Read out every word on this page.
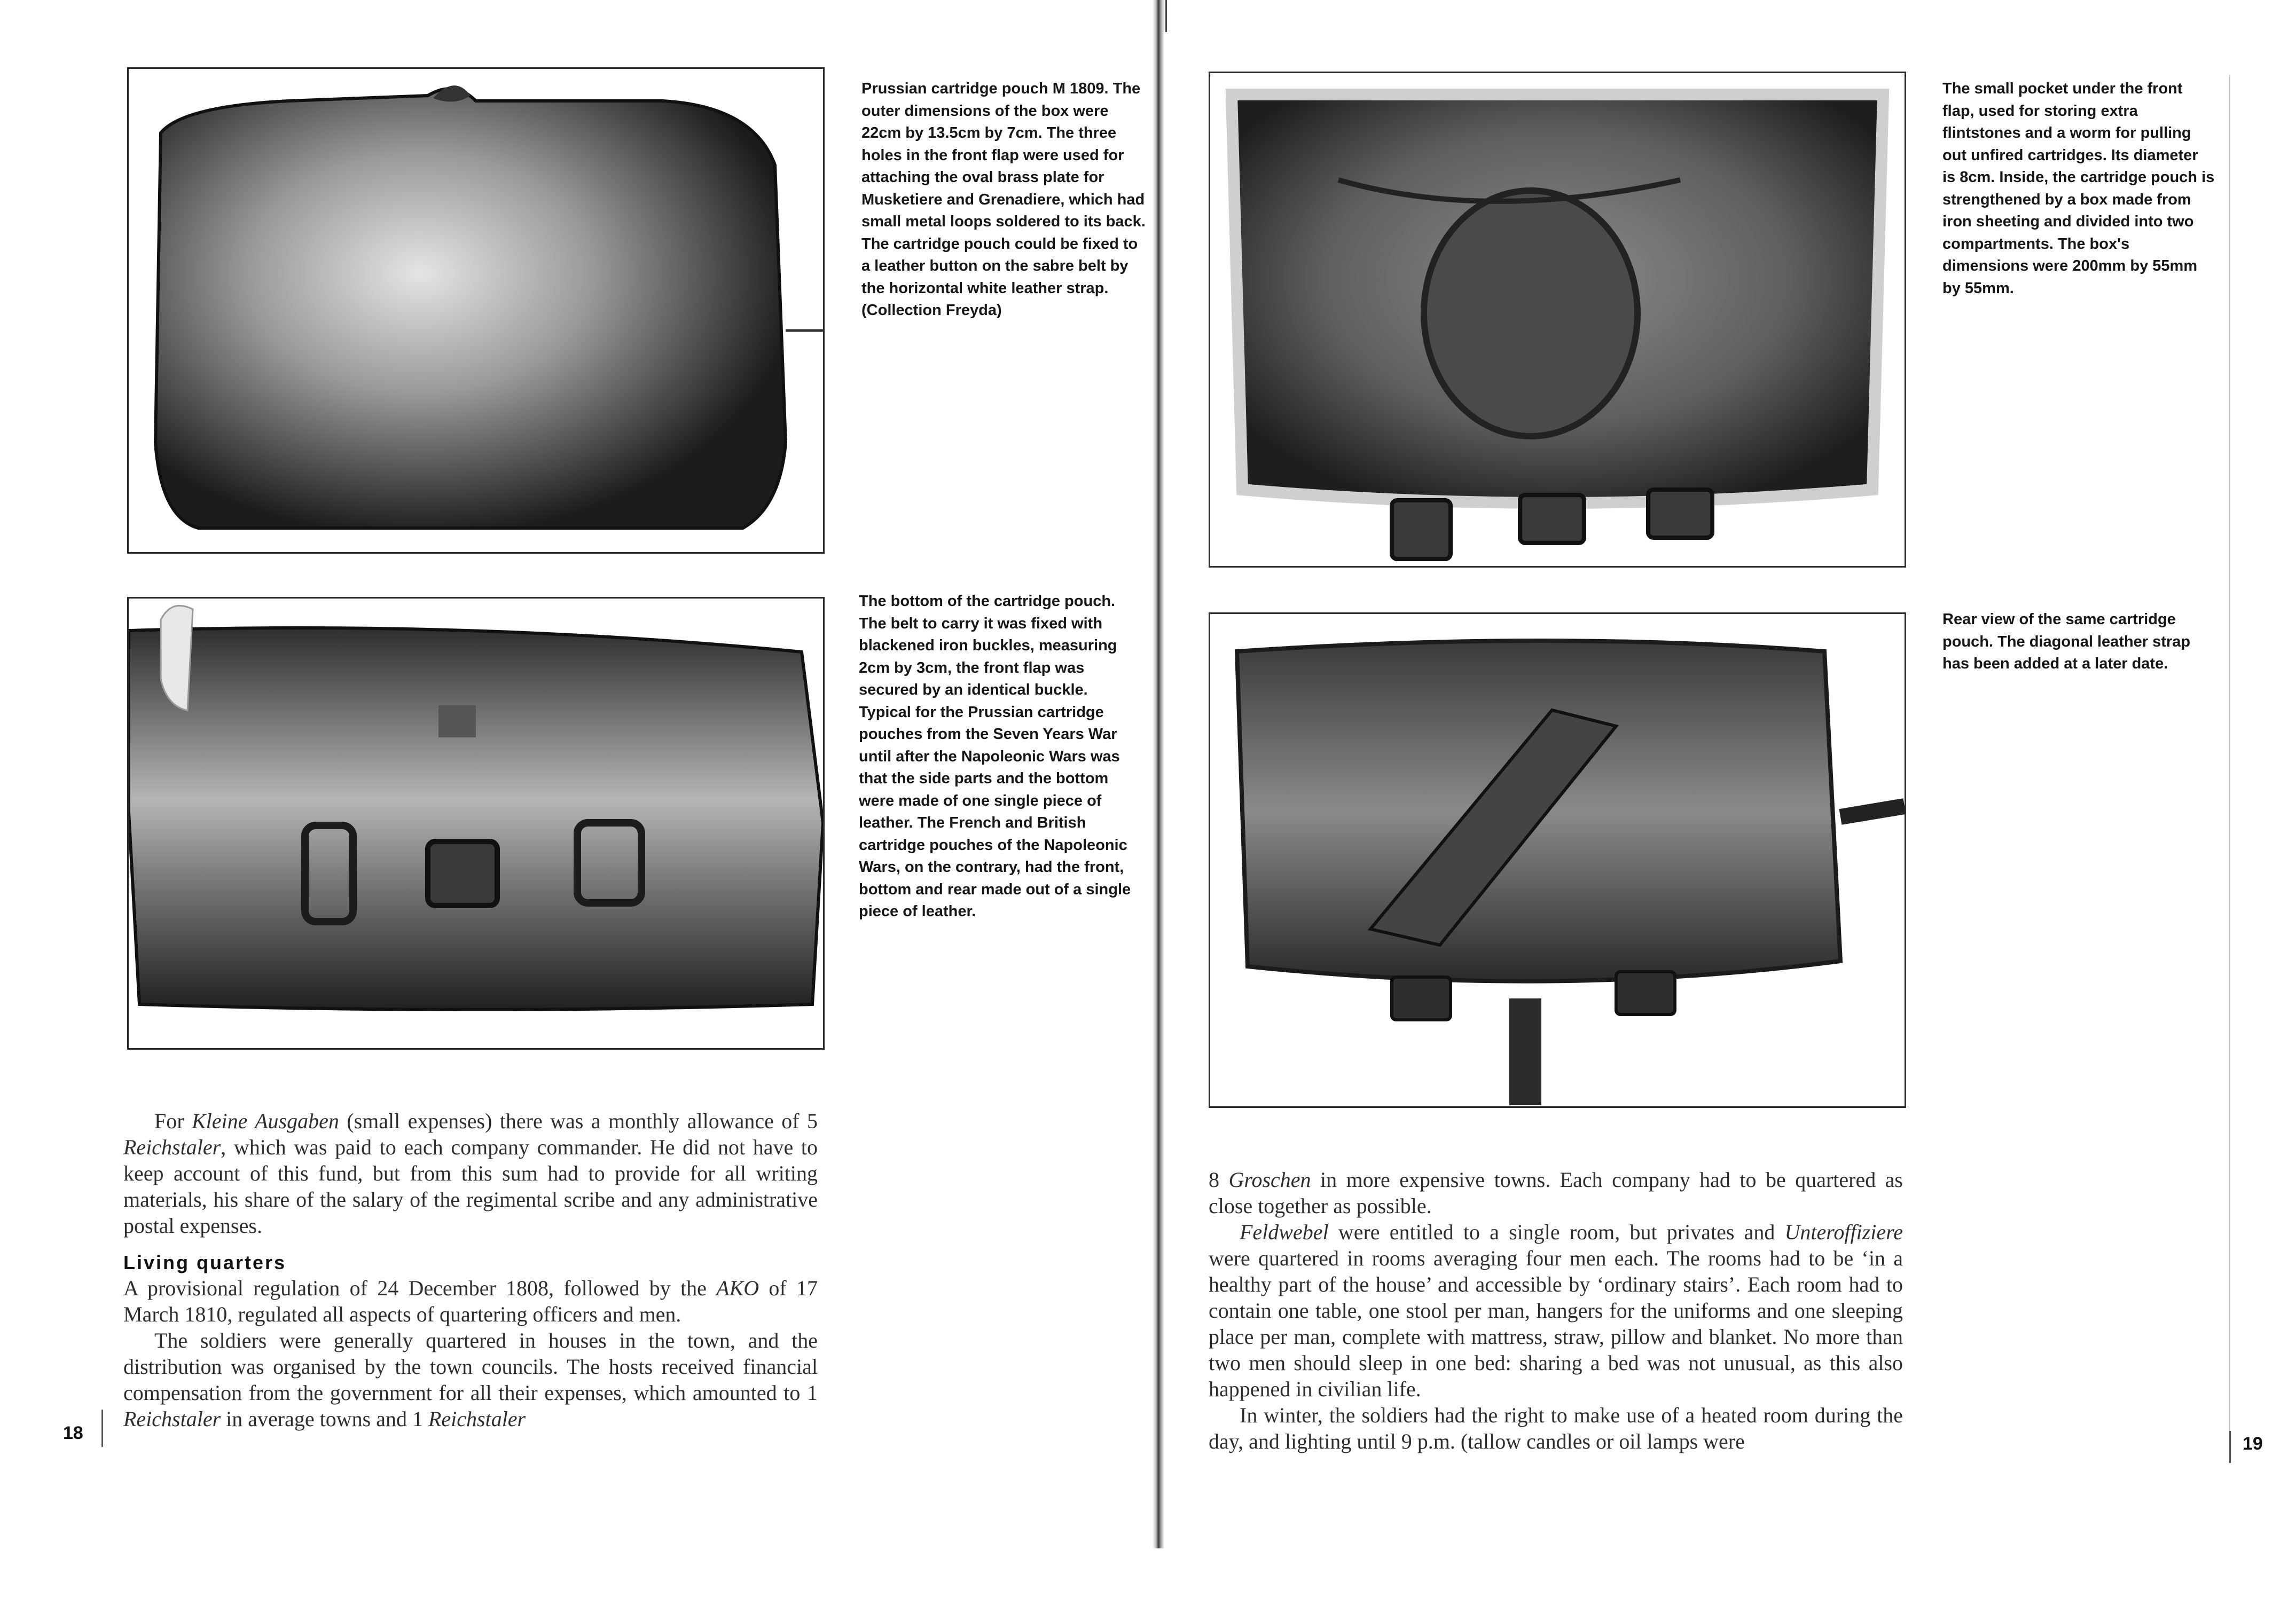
Prussian cartridge pouch M 1809. The outer dimensions of the box were 22cm by 13.5cm by 7cm. The three holes in the front flap were used for attaching the oval brass plate for Musketiere and Grenadiere, which had small metal loops soldered to its back. The cartridge pouch could be fixed to a leather button on the sabre belt by the horizontal white leather strap. (Collection Freyda)

The bottom of the cartridge pouch. The belt to carry it was fixed with blackened iron buckles, measuring 2cm by 3cm, the front flap was secured by an identical buckle. Typical for the Prussian cartridge pouches from the Seven Years War until after the Napoleonic Wars was that the side parts and the bottom were made of one single piece of leather. The French and British cartridge pouches of the Napoleonic Wars, on the contrary, had the front, bottom and rear made out of a single piece of leather.

For Kleine Ausgaben (small expenses) there was a monthly allowance of 5 Reichstaler, which was paid to each company commander. He did not have to keep account of this fund, but from this sum had to provide for all writing materials, his share of the salary of the regimental scribe and any administrative postal expenses.

Living quarters

A provisional regulation of 24 December 1808, followed by the AKO of 17 March 1810, regulated all aspects of quartering officers and men.

The soldiers were generally quartered in houses in the town, and the distribution was organised by the town councils. The hosts received financial compensation from the government for all their expenses, which amounted to 1 Reichstaler in average towns and 1 Reichstaler

18

The small pocket under the front flap, used for storing extra flintstones and a worm for pulling out unfired cartridges. Its diameter is 8cm. Inside, the cartridge pouch is strengthened by a box made from iron sheeting and divided into two compartments. The box's dimensions were 200mm by 55mm by 55mm.

Rear view of the same cartridge pouch. The diagonal leather strap has been added at a later date.

8 Groschen in more expensive towns. Each company had to be quartered as close together as possible.

Feldwebel were entitled to a single room, but privates and Unteroffiziere were quartered in rooms averaging four men each. The rooms had to be ‘in a healthy part of the house’ and accessible by ‘ordinary stairs’. Each room had to contain one table, one stool per man, hangers for the uniforms and one sleeping place per man, complete with mattress, straw, pillow and blanket. No more than two men should sleep in one bed: sharing a bed was not unusual, as this also happened in civilian life.

In winter, the soldiers had the right to make use of a heated room during the day, and lighting until 9 p.m. (tallow candles or oil lamps were	19
